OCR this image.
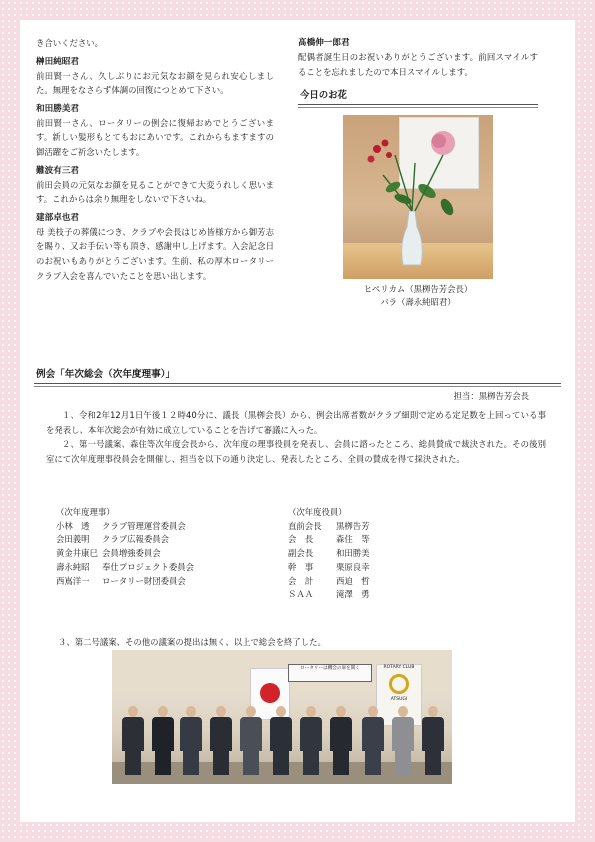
き合いください。

榊田純昭君

前田賢一さん、久しぶりにお元気なお顔を見られ安心しました。無理をなさらず体調の回復につとめて下さい。

和田勝美君

前田賢一さん、ロータリーの例会に復帰おめでとうございます。新しい髪形もとてもおにあいです。これからもますますの御活躍をご祈念いたします。

難波有三君

前田会員の元気なお顔を見ることができて大変うれしく思います。これからは余り無理をしないで下さいね。

建部卓也君

母 美枝子の葬儀につき、クラブや会長はじめ皆様方から御芳志を賜り、又お手伝い等も頂き、感謝申し上げます。入会記念日のお祝いもありがとうございます。生前、私の厚木ロータリークラブ入会を喜んでいたことを思い出します。

髙橋伸一郎君

配偶者誕生日のお祝いありがとうございます。前回スマイルすることを忘れましたので本日スマイルします。

今日のお花
ヒペリカム（黒栁告芳会長）
バラ（壽永純昭君）
例会「年次総会（次年度理事）」
担当：黒栁告芳会長

１、令和2年12月1日午後１２時40分に、議長（黒栁会長）から、例会出席者数がクラブ細則で定める定足数を上回っている事を発表し、本年次総会が有効に成立していることを告げて審議に入った。

２、第一号議案、森住等次年度会長から、次年度の理事役員を発表し、会員に諮ったところ、総員賛成で裁決された。その後別室にて次年度理事役員会を開催し、担当を以下の通り決定し、発表したところ、全員の賛成を得て採決された。

（次年度理事）
小林　透	クラブ管理運営委員会
会田義明	クラブ広報委員会
黄金井康巳 会員増強委員会
壽永純昭	奉仕プロジェクト委員会
西嶌洋一	ロータリー財団委員会
（次年度役員）
直前会長	黒栁告芳
会　長	森住　等
副会長	和田勝美
幹　事	栗原良幸
会　計	西迫　哲
ＳＡＡ	滝澤　勇
３、第二号議案、その他の議案の提出は無く、以上で総会を終了した。
ロータリーは機会の扉を開く	ROTARY CLUB
ATSUGI
